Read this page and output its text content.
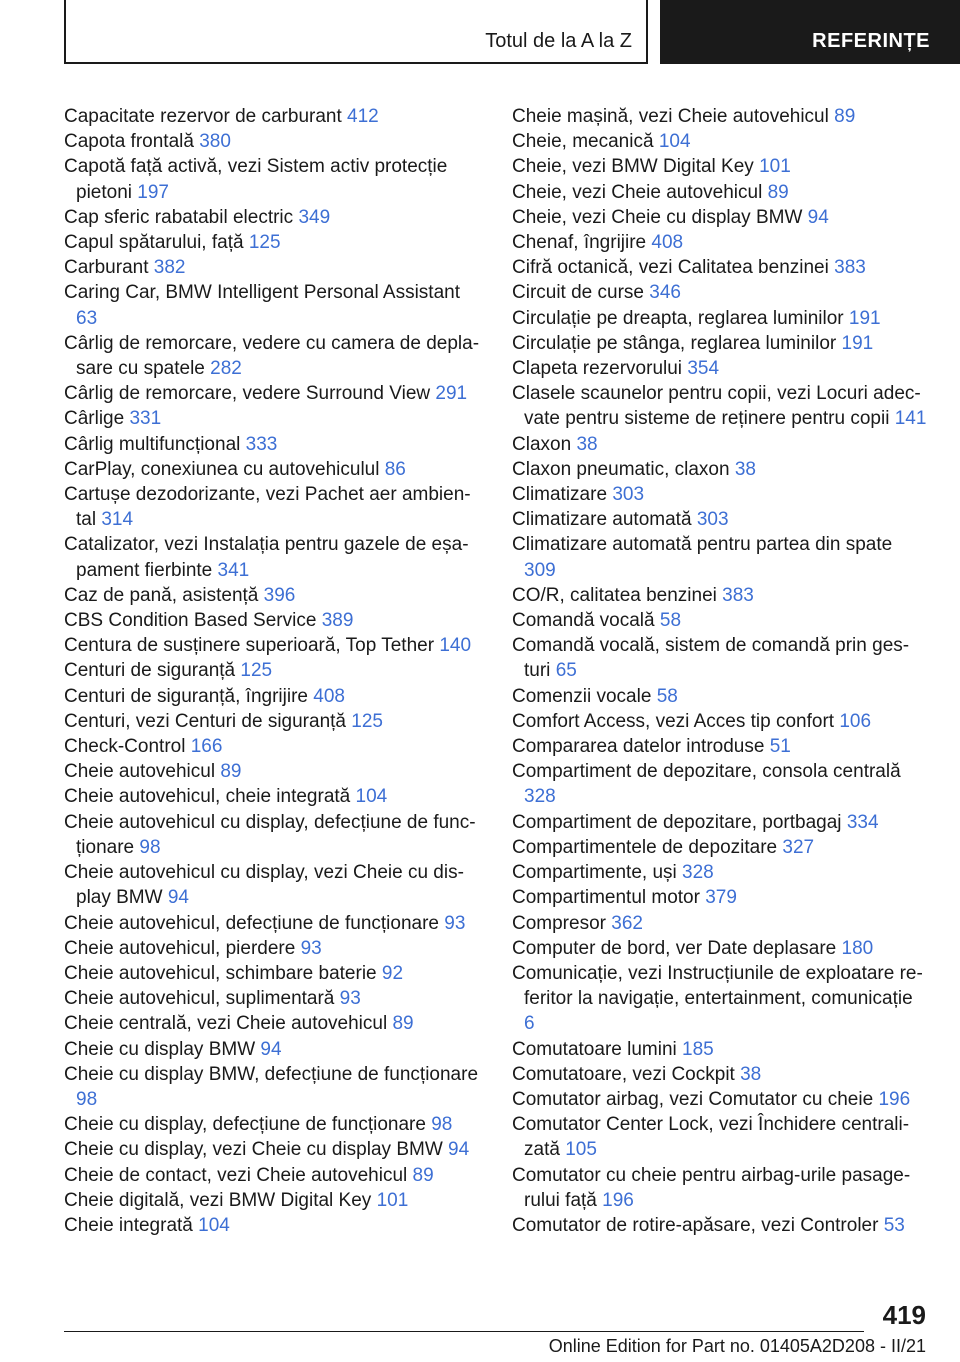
Totul de la A la Z	REFERINȚE
Capacitate rezervor de carburant 412
Capota frontală 380
Capotă față activă, vezi Sistem activ protecție pietoni 197
Cap sferic rabatabil electric 349
Capul spătarului, față 125
Carburant 382
Caring Car, BMW Intelligent Personal Assistant 63
Cârlig de remorcare, vedere cu camera de deplasare cu spatele 282
Cârlig de remorcare, vedere Surround View 291
Cârlige 331
Cârlig multifuncțional 333
CarPlay, conexiunea cu autovehiculul 86
Cartușe dezodorizante, vezi Pachet aer ambiental 314
Catalizator, vezi Instalația pentru gazele de eșapament fierbinte 341
Caz de pană, asistență 396
CBS Condition Based Service 389
Centura de susținere superioară, Top Tether 140
Centuri de siguranță 125
Centuri de siguranță, îngrijire 408
Centuri, vezi Centuri de siguranță 125
Check-Control 166
Cheie autovehicul 89
Cheie autovehicul, cheie integrată 104
Cheie autovehicul cu display, defecțiune de funcționare 98
Cheie autovehicul cu display, vezi Cheie cu display BMW 94
Cheie autovehicul, defecțiune de funcționare 93
Cheie autovehicul, pierdere 93
Cheie autovehicul, schimbare baterie 92
Cheie autovehicul, suplimentară 93
Cheie centrală, vezi Cheie autovehicul 89
Cheie cu display BMW 94
Cheie cu display BMW, defecțiune de funcționare 98
Cheie cu display, defecțiune de funcționare 98
Cheie cu display, vezi Cheie cu display BMW 94
Cheie de contact, vezi Cheie autovehicul 89
Cheie digitală, vezi BMW Digital Key 101
Cheie integrată 104
Cheie mașină, vezi Cheie autovehicul 89
Cheie, mecanică 104
Cheie, vezi BMW Digital Key 101
Cheie, vezi Cheie autovehicul 89
Cheie, vezi Cheie cu display BMW 94
Chenaf, îngrijire 408
Cifră octanică, vezi Calitatea benzinei 383
Circuit de curse 346
Circulație pe dreapta, reglarea luminilor 191
Circulație pe stânga, reglarea luminilor 191
Clapeta rezervorului 354
Clasele scaunelor pentru copii, vezi Locuri adecvate pentru sisteme de reținere pentru copii 141
Claxon 38
Claxon pneumatic, claxon 38
Climatizare 303
Climatizare automată 303
Climatizare automată pentru partea din spate 309
CO/R, calitatea benzinei 383
Comandă vocală 58
Comandă vocală, sistem de comandă prin gesturi 65
Comenzii vocale 58
Comfort Access, vezi Acces tip confort 106
Compararea datelor introduse 51
Compartiment de depozitare, consola centrală 328
Compartiment de depozitare, portbagaj 334
Compartimentele de depozitare 327
Compartimente, uși 328
Compartimentul motor 379
Compresor 362
Computer de bord, ver Date deplasare 180
Comunicație, vezi Instrucțiunile de exploatare referitor la navigație, entertainment, comunicație 6
Comutatoare lumini 185
Comutatoare, vezi Cockpit 38
Comutator airbag, vezi Comutator cu cheie 196
Comutator Center Lock, vezi Închidere centralizată 105
Comutator cu cheie pentru airbag-urile pasagerului față 196
Comutator de rotire-apăsare, vezi Controler 53
419
Online Edition for Part no. 01405A2D208 - II/21
